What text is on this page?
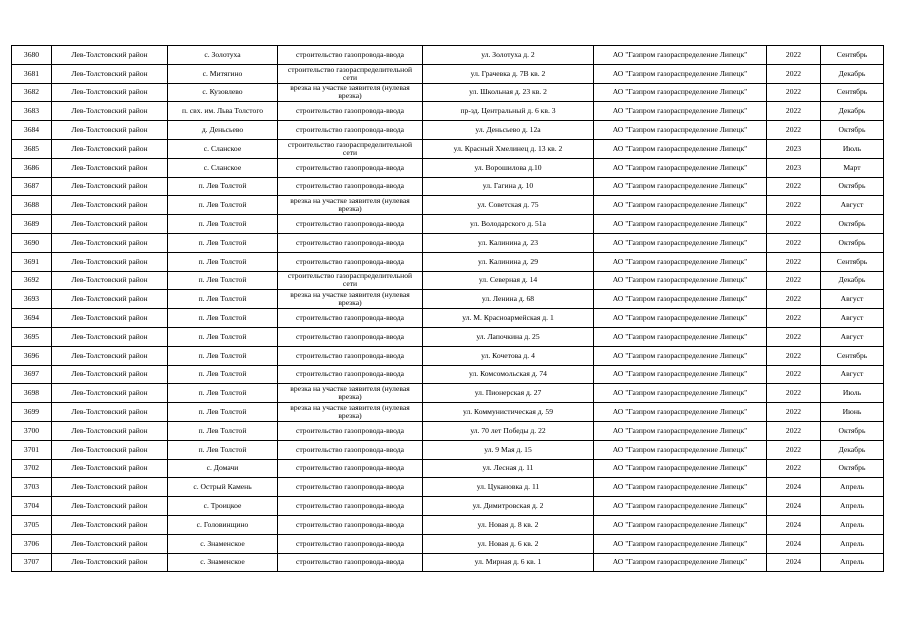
3680	Лев-Толстовский район	с. Золотуха	строительство газопровода-ввода	ул. Золотуха д. 2	АО "Газпром газораспределение Липецк"	2022	Сентябрь
3681	Лев-Толстовский район	с. Митягино	строительство газораспределительной сети	ул. Грачевка д. 7В кв. 2	АО "Газпром газораспределение Липецк"	2022	Декабрь
3682	Лев-Толстовский район	с. Кузовлево	врезка на участке заявителя (нулевая врезка)	ул. Школьная д. 23 кв. 2	АО "Газпром газораспределение Липецк"	2022	Сентябрь
3683	Лев-Толстовский район	п. свх. им. Льва Толстого	строительство газопровода-ввода	пр-зд. Центральный д. 6 кв. 3	АО "Газпром газораспределение Липецк"	2022	Декабрь
3684	Лев-Толстовский район	д. Деньсьево	строительство газопровода-ввода	ул. Деньсьево д. 12а	АО "Газпром газораспределение Липецк"	2022	Октябрь
3685	Лев-Толстовский район	с. Сланское	строительство газораспределительной сети	ул. Красный Хмелинец д. 13 кв. 2	АО "Газпром газораспределение Липецк"	2023	Июль
3686	Лев-Толстовский район	с. Сланское	строительство газопровода-ввода	ул. Ворошилова д.10	АО "Газпром газораспределение Липецк"	2023	Март
3687	Лев-Толстовский район	п. Лев Толстой	строительство газопровода-ввода	ул. Гагина д. 10	АО "Газпром газораспределение Липецк"	2022	Октябрь
3688	Лев-Толстовский район	п. Лев Толстой	врезка на участке заявителя (нулевая врезка)	ул. Советская д. 75	АО "Газпром газораспределение Липецк"	2022	Август
3689	Лев-Толстовский район	п. Лев Толстой	строительство газопровода-ввода	ул. Володарского д. 51а	АО "Газпром газораспределение Липецк"	2022	Октябрь
3690	Лев-Толстовский район	п. Лев Толстой	строительство газопровода-ввода	ул. Калинина д. 23	АО "Газпром газораспределение Липецк"	2022	Октябрь
3691	Лев-Толстовский район	п. Лев Толстой	строительство газопровода-ввода	ул. Калинина д. 29	АО "Газпром газораспределение Липецк"	2022	Сентябрь
3692	Лев-Толстовский район	п. Лев Толстой	строительство газораспределительной сети	ул. Северная д. 14	АО "Газпром газораспределение Липецк"	2022	Декабрь
3693	Лев-Толстовский район	п. Лев Толстой	врезка на участке заявителя (нулевая врезка)	ул. Ленина д. 68	АО "Газпром газораспределение Липецк"	2022	Август
3694	Лев-Толстовский район	п. Лев Толстой	строительство газопровода-ввода	ул. М. Красноармейская д. 1	АО "Газпром газораспределение Липецк"	2022	Август
3695	Лев-Толстовский район	п. Лев Толстой	строительство газопровода-ввода	ул. Лапочкина д. 25	АО "Газпром газораспределение Липецк"	2022	Август
3696	Лев-Толстовский район	п. Лев Толстой	строительство газопровода-ввода	ул. Кочетова д. 4	АО "Газпром газораспределение Липецк"	2022	Сентябрь
3697	Лев-Толстовский район	п. Лев Толстой	строительство газопровода-ввода	ул. Комсомольская д. 74	АО "Газпром газораспределение Липецк"	2022	Август
3698	Лев-Толстовский район	п. Лев Толстой	врезка на участке заявителя (нулевая врезка)	ул. Пионерская д. 27	АО "Газпром газораспределение Липецк"	2022	Июль
3699	Лев-Толстовский район	п. Лев Толстой	врезка на участке заявителя (нулевая врезка)	ул. Коммунистическая д. 59	АО "Газпром газораспределение Липецк"	2022	Июнь
3700	Лев-Толстовский район	п. Лев Толстой	строительство газопровода-ввода	ул. 70 лет Победы д. 22	АО "Газпром газораспределение Липецк"	2022	Октябрь
3701	Лев-Толстовский район	п. Лев Толстой	строительство газопровода-ввода	ул. 9 Мая д. 15	АО "Газпром газораспределение Липецк"	2022	Декабрь
3702	Лев-Толстовский район	с. Домачи	строительство газопровода-ввода	ул. Лесная д. 11	АО "Газпром газораспределение Липецк"	2022	Октябрь
3703	Лев-Толстовский район	с. Острый Камень	строительство газопровода-ввода	ул. Цукановка д. 11	АО "Газпром газораспределение Липецк"	2024	Апрель
3704	Лев-Толстовский район	с. Троицкое	строительство газопровода-ввода	ул. Димитровская д. 2	АО "Газпром газораспределение Липецк"	2024	Апрель
3705	Лев-Толстовский район	с. Головинщино	строительство газопровода-ввода	ул. Новая д. 8 кв. 2	АО "Газпром газораспределение Липецк"	2024	Апрель
3706	Лев-Толстовский район	с. Знаменское	строительство газопровода-ввода	ул. Новая д. 6 кв. 2	АО "Газпром газораспределение Липецк"	2024	Апрель
3707	Лев-Толстовский район	с. Знаменское	строительство газопровода-ввода	ул. Мирная д. 6 кв. 1	АО "Газпром газораспределение Липецк"	2024	Апрель
